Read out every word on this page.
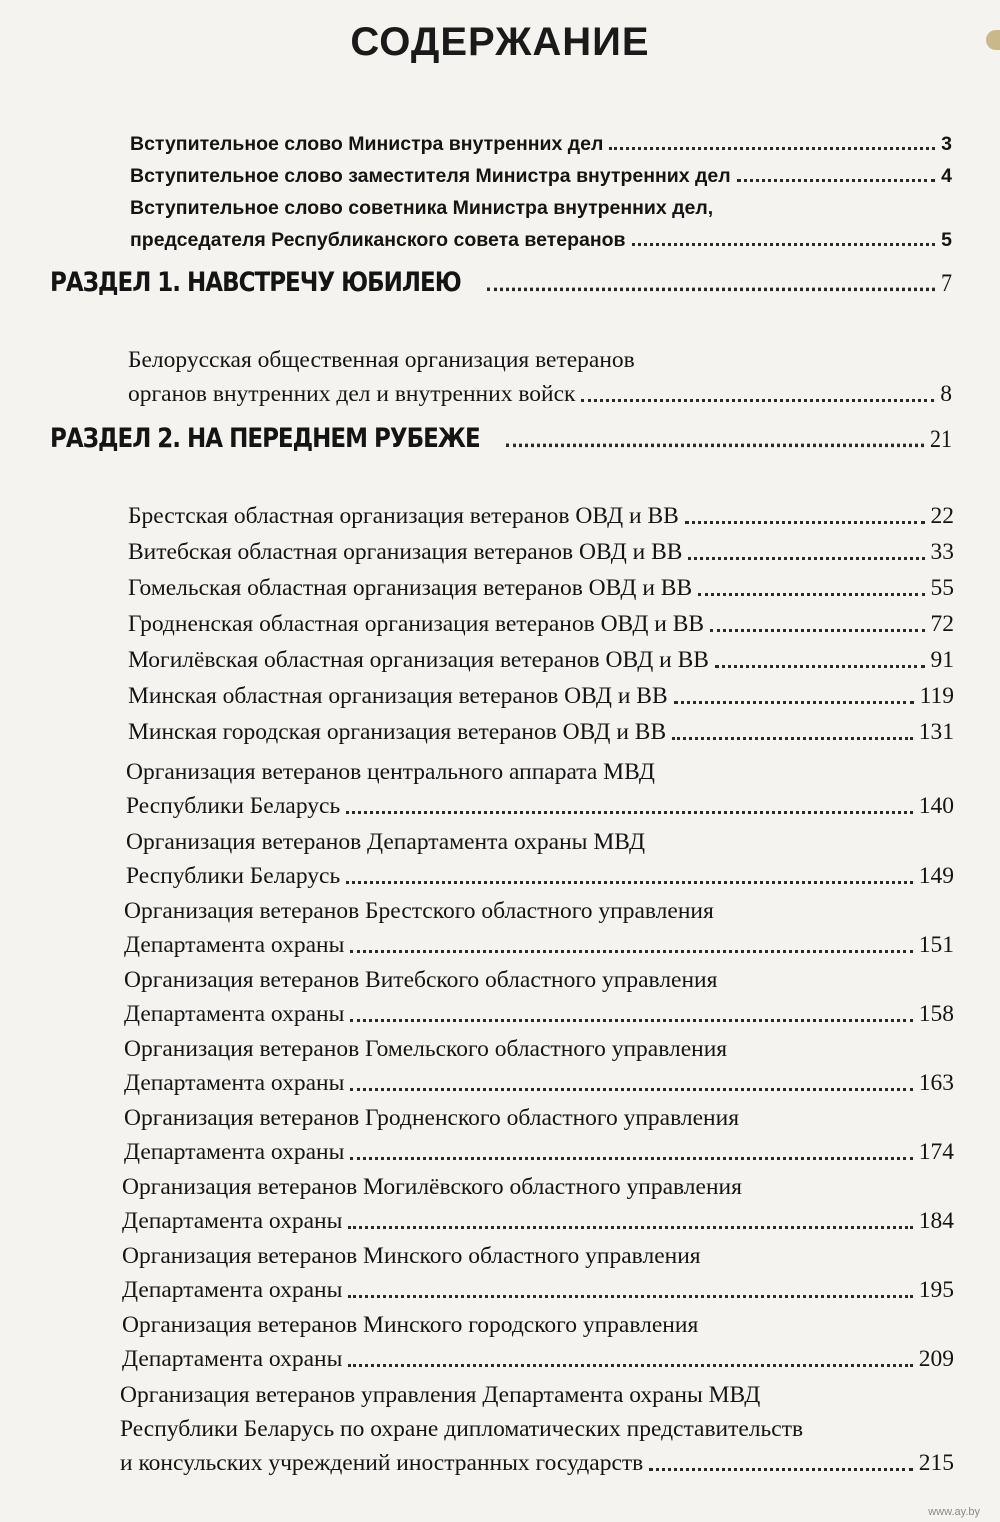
СОДЕРЖАНИЕ
Вступительное слово Министра внутренних дел	3
Вступительное слово заместителя Министра внутренних дел	4
Вступительное слово советника Министра внутренних дел,
председателя Республиканского совета ветеранов	5
РАЗДЕЛ 1. НАВСТРЕЧУ ЮБИЛЕЮ	7
Белорусская общественная организация ветеранов
органов внутренних дел и внутренних войск	8
РАЗДЕЛ 2. НА ПЕРЕДНЕМ РУБЕЖЕ	21
Брестская областная организация ветеранов ОВД и ВВ	22
Витебская областная организация ветеранов ОВД и ВВ	33
Гомельская областная организация ветеранов ОВД и ВВ	55
Гродненская областная организация ветеранов ОВД и ВВ	72
Могилёвская областная организация ветеранов ОВД и ВВ	91
Минская областная организация ветеранов ОВД и ВВ	119
Минская городская организация ветеранов ОВД и ВВ	131
Организация ветеранов центрального аппарата МВД
Республики Беларусь	140
Организация ветеранов Департамента охраны МВД
Республики Беларусь	149
Организация ветеранов Брестского областного управления
Департамента охраны	151
Организация ветеранов Витебского областного управления
Департамента охраны	158
Организация ветеранов Гомельского областного управления
Департамента охраны	163
Организация ветеранов Гродненского областного управления
Департамента охраны	174
Организация ветеранов Могилёвского областного управления
Департамента охраны	184
Организация ветеранов Минского областного управления
Департамента охраны	195
Организация ветеранов Минского городского управления
Департамента охраны	209
Организация ветеранов управления Департамента охраны МВД
Республики Беларусь по охране дипломатических представительств
и консульских учреждений иностранных государств	215
www.ay.by
